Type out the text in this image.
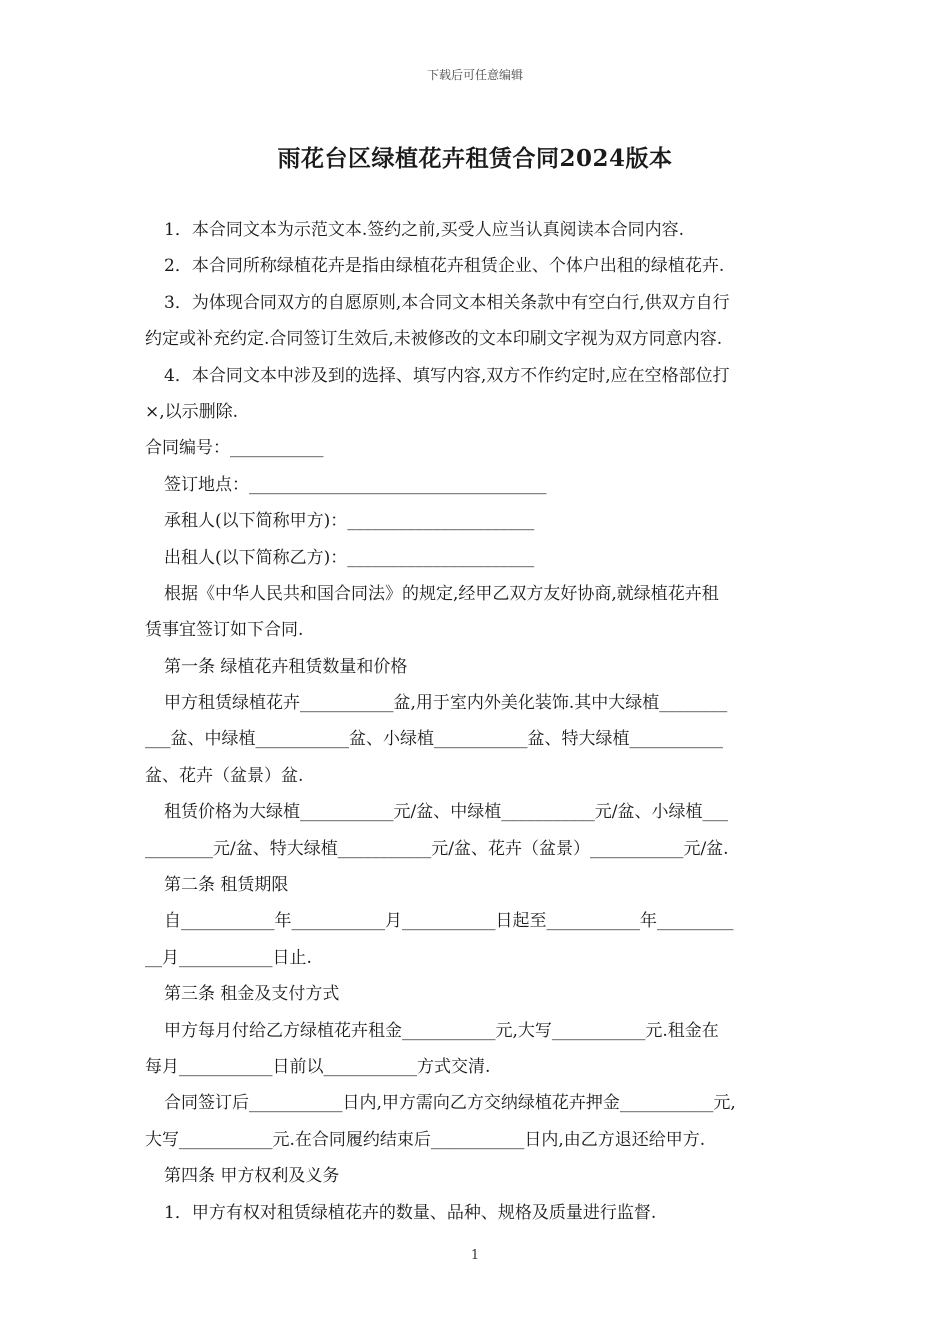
下载后可任意编辑
雨花台区绿植花卉租赁合同2024版本
1．本合同文本为示范文本.签约之前,买受人应当认真阅读本合同内容.
2．本合同所称绿植花卉是指由绿植花卉租赁企业、个体户出租的绿植花卉.
3．为体现合同双方的自愿原则,本合同文本相关条款中有空白行,供双方自行
约定或补充约定.合同签订生效后,未被修改的文本印刷文字视为双方同意内容.
4．本合同文本中涉及到的选择、填写内容,双方不作约定时,应在空格部位打
×,以示删除.
合同编号：___________
签订地点：___________________________________
承租人(以下简称甲方)：______________________
出租人(以下简称乙方)：______________________
根据《中华人民共和国合同法》的规定,经甲乙双方友好协商,就绿植花卉租
赁事宜签订如下合同.
第一条 绿植花卉租赁数量和价格
甲方租赁绿植花卉___________盆,用于室内外美化装饰.其中大绿植________
___盆、中绿植___________盆、小绿植___________盆、特大绿植___________
盆、花卉（盆景）盆.
租赁价格为大绿植___________元/盆、中绿植___________元/盆、小绿植___
________元/盆、特大绿植___________元/盆、花卉（盆景）___________元/盆.
第二条 租赁期限
自___________年___________月___________日起至___________年_________
__月___________日止.
第三条 租金及支付方式
甲方每月付给乙方绿植花卉租金___________元,大写___________元.租金在
每月___________日前以___________方式交清.
合同签订后___________日内,甲方需向乙方交纳绿植花卉押金___________元,
大写___________元.在合同履约结束后___________日内,由乙方退还给甲方.
第四条 甲方权利及义务
1．甲方有权对租赁绿植花卉的数量、品种、规格及质量进行监督.
1
